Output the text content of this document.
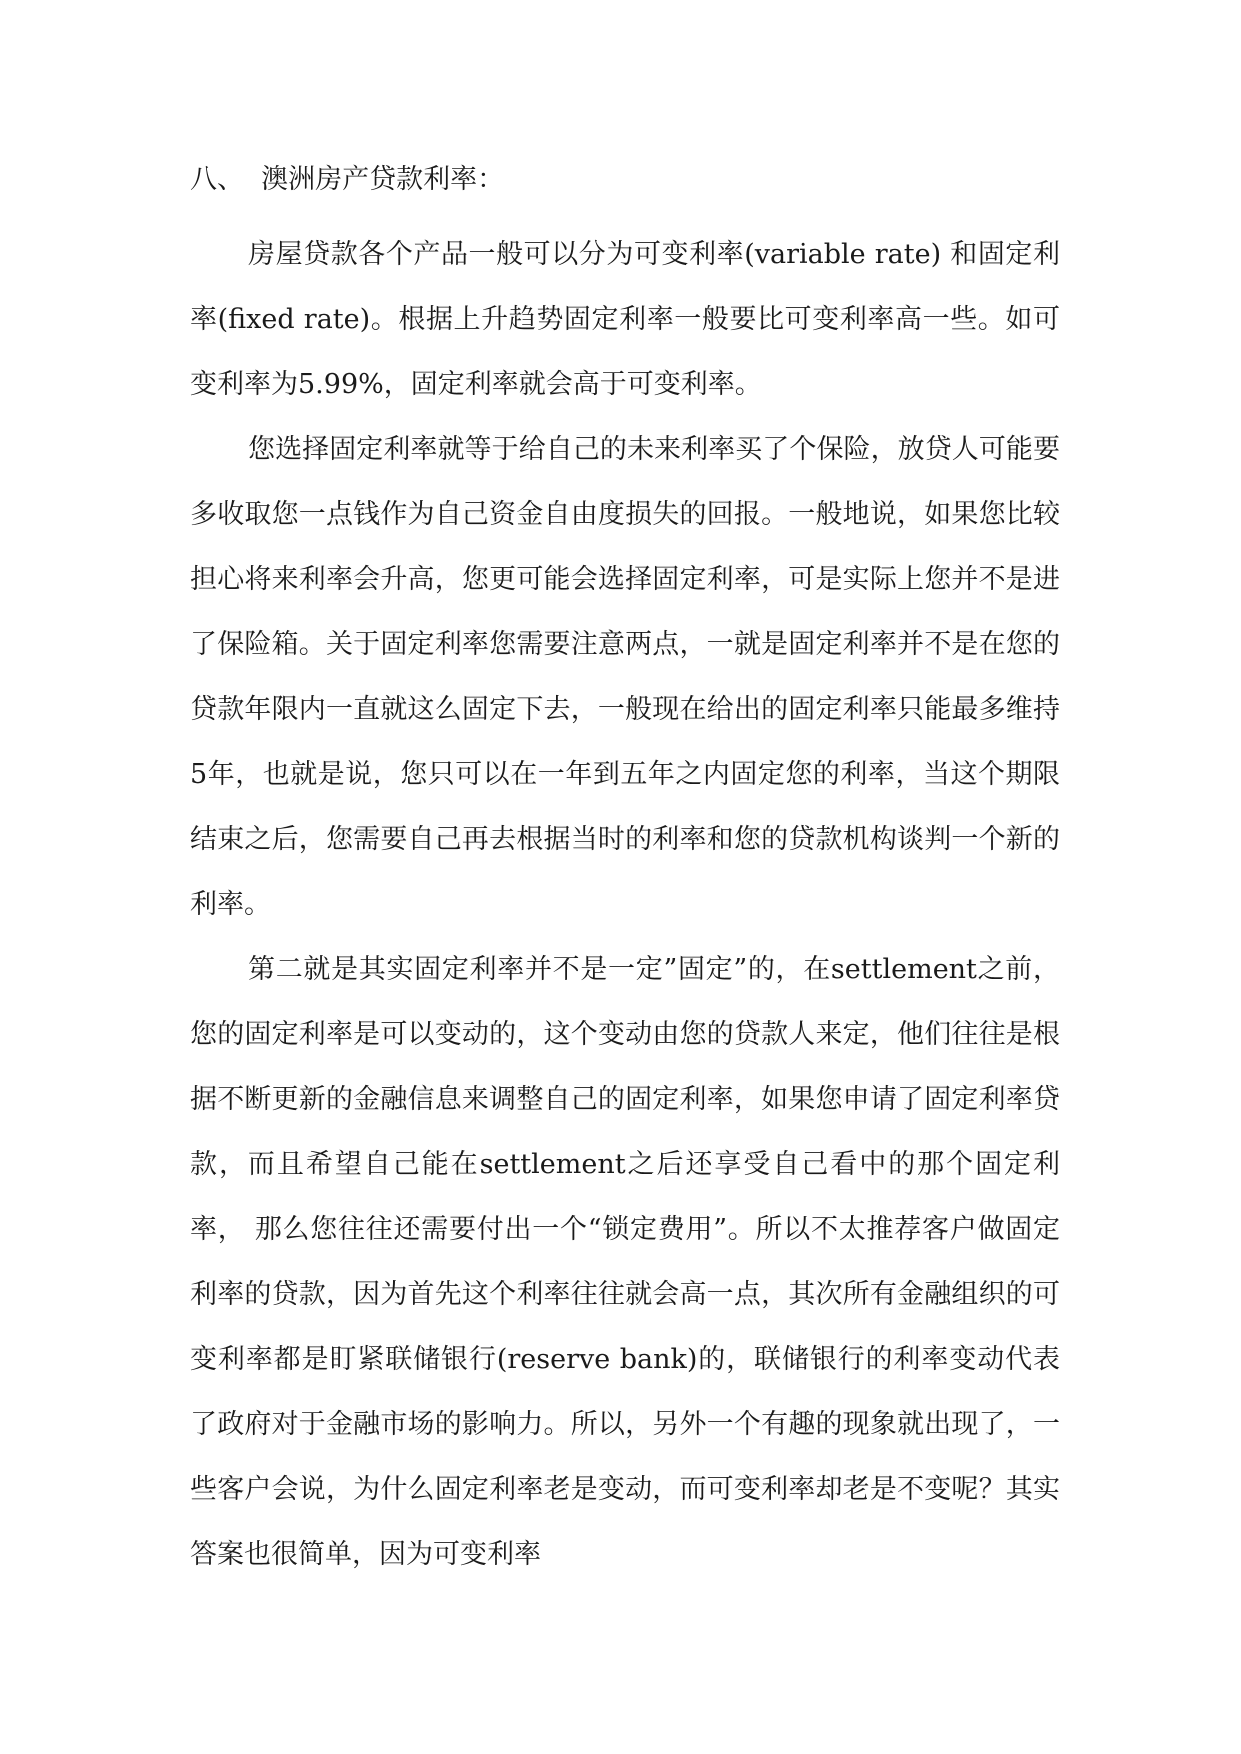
八、  澳洲房产贷款利率：

房屋贷款各个产品一般可以分为可变利率(variable rate) 和固定利率(fixed rate)。根据上升趋势固定利率一般要比可变利率高一些。如可变利率为5.99%，固定利率就会高于可变利率。

您选择固定利率就等于给自己的未来利率买了个保险，放贷人可能要多收取您一点钱作为自己资金自由度损失的回报。一般地说，如果您比较担心将来利率会升高，您更可能会选择固定利率，可是实际上您并不是进了保险箱。关于固定利率您需要注意两点，一就是固定利率并不是在您的贷款年限内一直就这么固定下去，一般现在给出的固定利率只能最多维持5年，也就是说，您只可以在一年到五年之内固定您的利率，当这个期限结束之后，您需要自己再去根据当时的利率和您的贷款机构谈判一个新的利率。

第二就是其实固定利率并不是一定”固定”的，在settlement之前，您的固定利率是可以变动的，这个变动由您的贷款人来定，他们往往是根据不断更新的金融信息来调整自己的固定利率，如果您申请了固定利率贷款，而且希望自己能在settlement之后还享受自己看中的那个固定利率， 那么您往往还需要付出一个“锁定费用”。所以不太推荐客户做固定利率的贷款，因为首先这个利率往往就会高一点，其次所有金融组织的可变利率都是盯紧联储银行(reserve bank)的，联储银行的利率变动代表了政府对于金融市场的影响力。所以，另外一个有趣的现象就出现了，一些客户会说，为什么固定利率老是变动，而可变利率却老是不变呢？其实答案也很简单，因为可变利率
